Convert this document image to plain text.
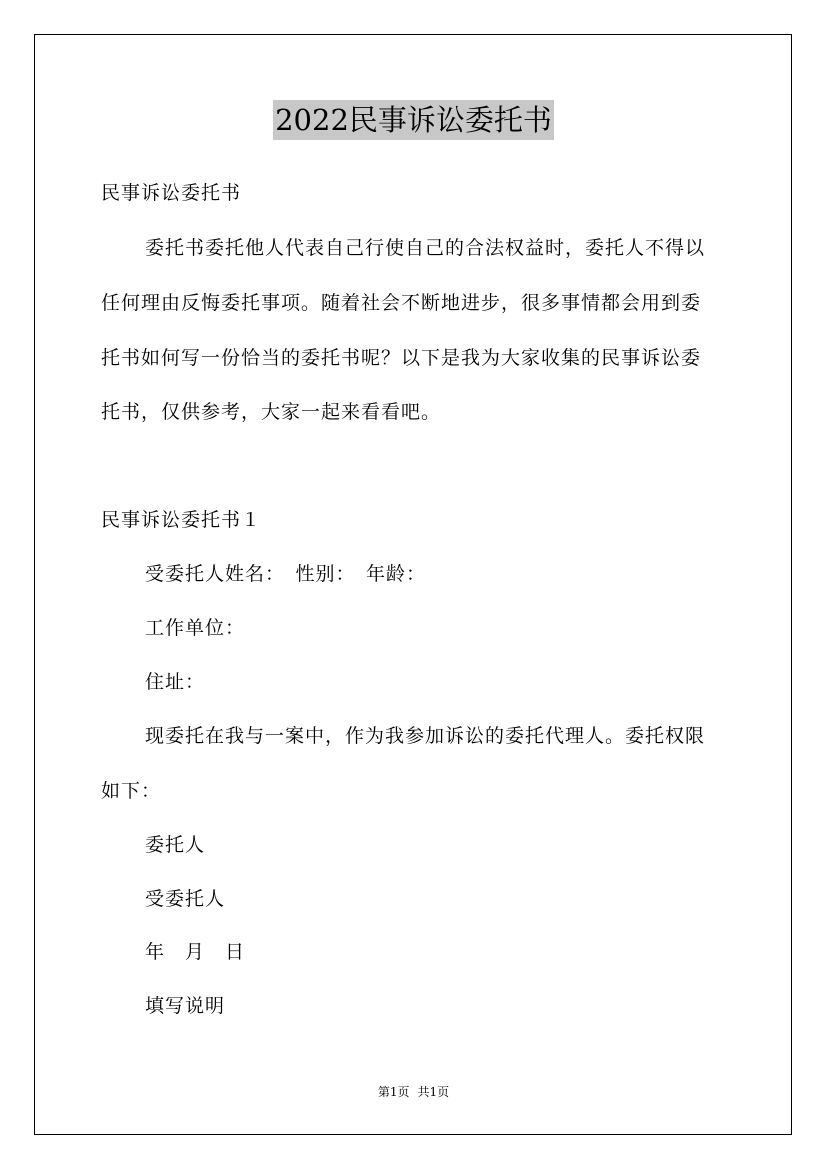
2022民事诉讼委托书
民事诉讼委托书
委托书委托他人代表自己行使自己的合法权益时，委托人不得以
任何理由反悔委托事项。随着社会不断地进步，很多事情都会用到委
托书如何写一份恰当的委托书呢？以下是我为大家收集的民事诉讼委
托书，仅供参考，大家一起来看看吧。
民事诉讼委托书１
受委托人姓名：　性别：　年龄：
工作单位：
住址：
现委托在我与一案中，作为我参加诉讼的委托代理人。委托权限
如下：
委托人
受委托人
年　月　日
填写说明
第1页 共1页
